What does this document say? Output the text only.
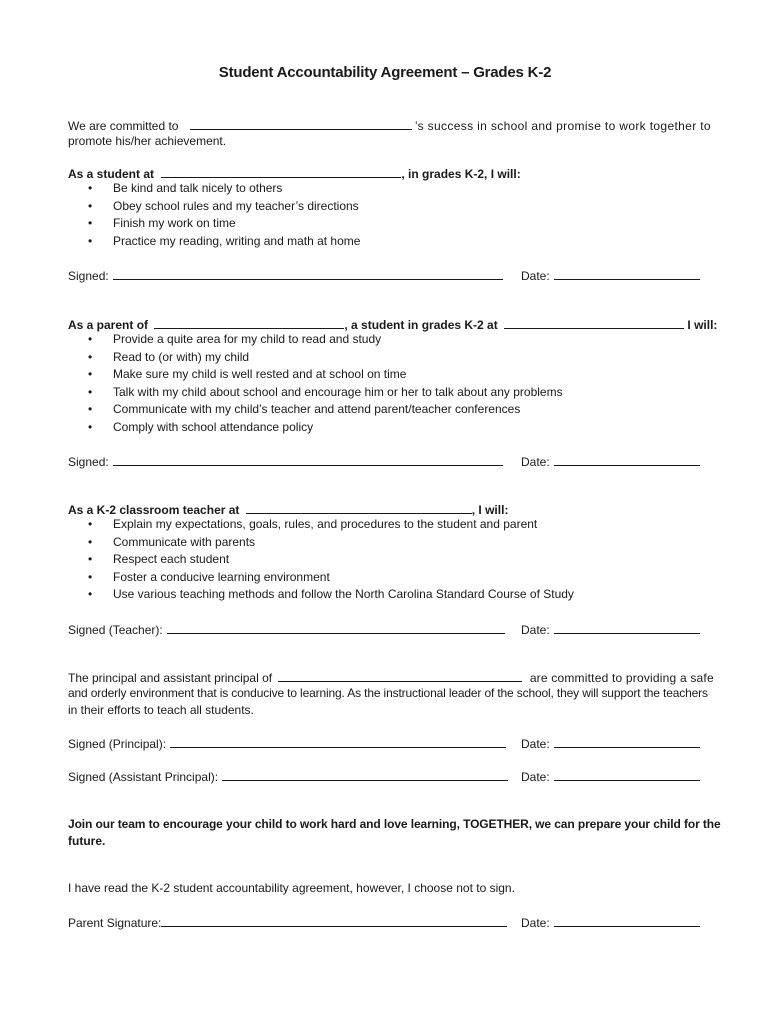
Student Accountability Agreement – Grades K-2
We are committed to	’s success in school and promise to work together to
promote his/her achievement.
As a student at	, in grades K-2, I will:
• Be kind and talk nicely to others
• Obey school rules and my teacher’s directions
• Finish my work on time
• Practice my reading, writing and math at home
Signed:	Date:
As a parent of	, a student in grades K-2 at	I will:
• Provide a quite area for my child to read and study
• Read to (or with) my child
• Make sure my child is well rested and at school on time
• Talk with my child about school and encourage him or her to talk about any problems
• Communicate with my child’s teacher and attend parent/teacher conferences
• Comply with school attendance policy
Signed:	Date:
As a K-2 classroom teacher at	, I will:
• Explain my expectations, goals, rules, and procedures to the student and parent
• Communicate with parents
• Respect each student
• Foster a conducive learning environment
• Use various teaching methods and follow the North Carolina Standard Course of Study
Signed (Teacher):	Date:
The principal and assistant principal of	are committed to providing a safe
and orderly environment that is conducive to learning. As the instructional leader of the school, they will support the teachers
in their efforts to teach all students.
Signed (Principal):	Date:
Signed (Assistant Principal):	Date:
Join our team to encourage your child to work hard and love learning, TOGETHER, we can prepare your child for the
future.
I have read the K-2 student accountability agreement, however, I choose not to sign.
Parent Signature:	Date:
